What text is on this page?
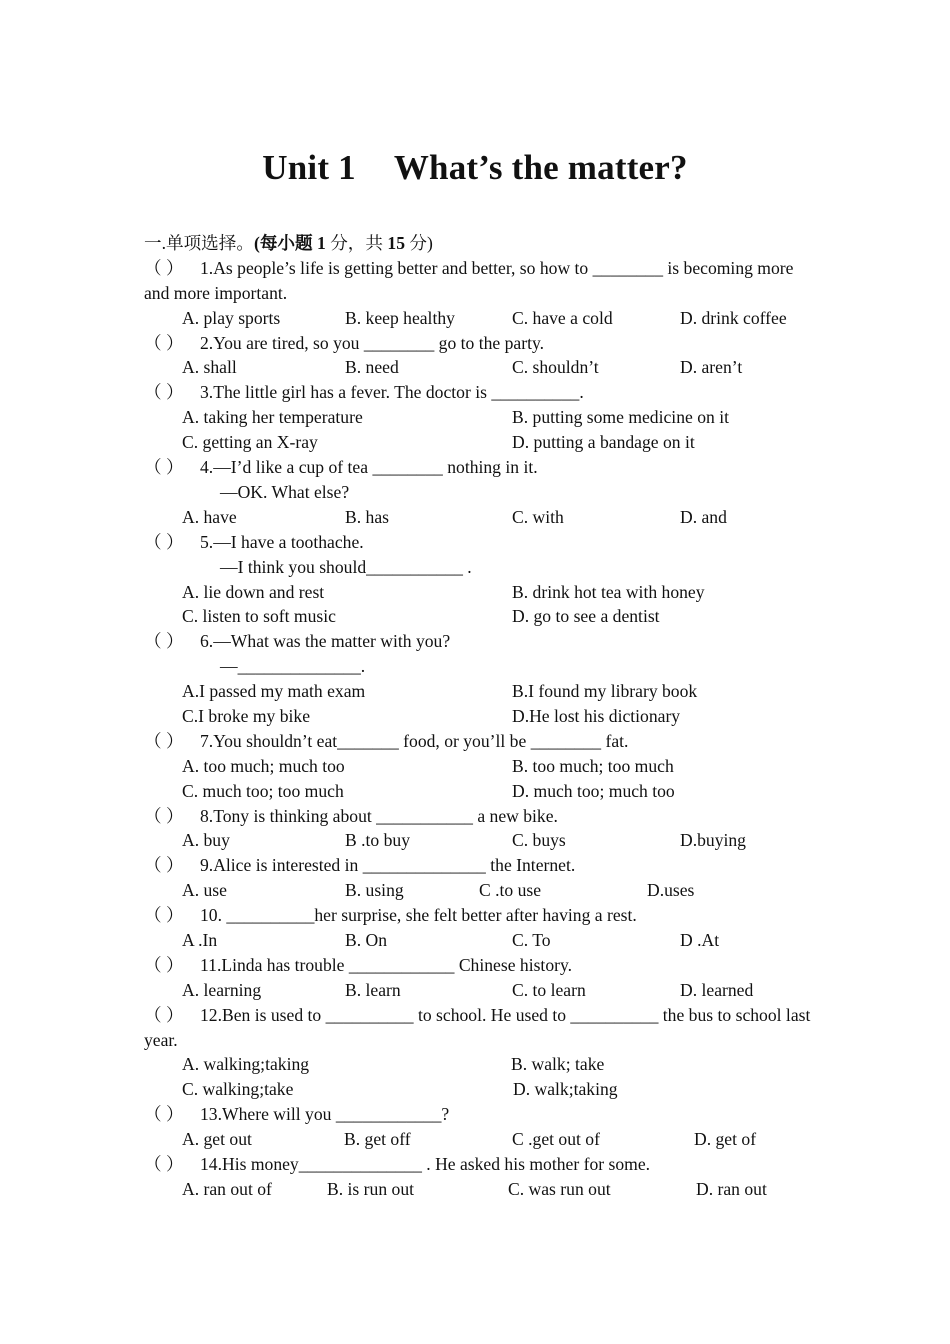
Unit 1 What’s the matter?
一.单项选择。(每小题 1 分，共 15 分)
（ ） 1.As people’s life is getting better and better, so how to ________ is becoming more and more important.
A. play sports	B. keep healthy	C. have a cold	D. drink coffee
（ ） 2.You are tired, so you ________ go to the party.
A. shall	B. need	C. shouldn’t	D. aren’t
（ ） 3.The little girl has a fever. The doctor is __________.
A. taking her temperature	B. putting some medicine on it
C. getting an X-ray	D. putting a bandage on it
（ ） 4.—I’d like a cup of tea ________ nothing in it.
—OK. What else?
A. have	B. has	C. with	D. and
（ ） 5.—I have a toothache.
—I think you should___________ .
A. lie down and rest	B. drink hot tea with honey
C. listen to soft music	D. go to see a dentist
（ ） 6.—What was the matter with you?
—______________.
A.I passed my math exam	B.I found my library book
C.I broke my bike	D.He lost his dictionary
（ ） 7.You shouldn’t eat_______ food, or you’ll be ________ fat.
A. too much; much too	B. too much; too much
C. much too; too much	D. much too; much too
（ ） 8.Tony is thinking about ___________ a new bike.
A. buy	B .to buy	C. buys	D.buying
（ ） 9.Alice is interested in ______________ the Internet.
A. use	B. using	C .to use	D.uses
（ ） 10. __________her surprise, she felt better after having a rest.
A .In	B. On	C. To	D .At
（ ） 11.Linda has trouble ____________ Chinese history.
A. learning	B. learn	C. to learn	D. learned
（ ） 12.Ben is used to __________ to school. He used to __________ the bus to school last year.
A. walking;taking	B. walk; take
C. walking;take	D. walk;taking
（ ） 13.Where will you ____________?
A. get out	B. get off	C .get out of	D. get of
（ ） 14.His money______________ . He asked his mother for some.
A. ran out of	B. is run out	C. was run out	D. ran out
